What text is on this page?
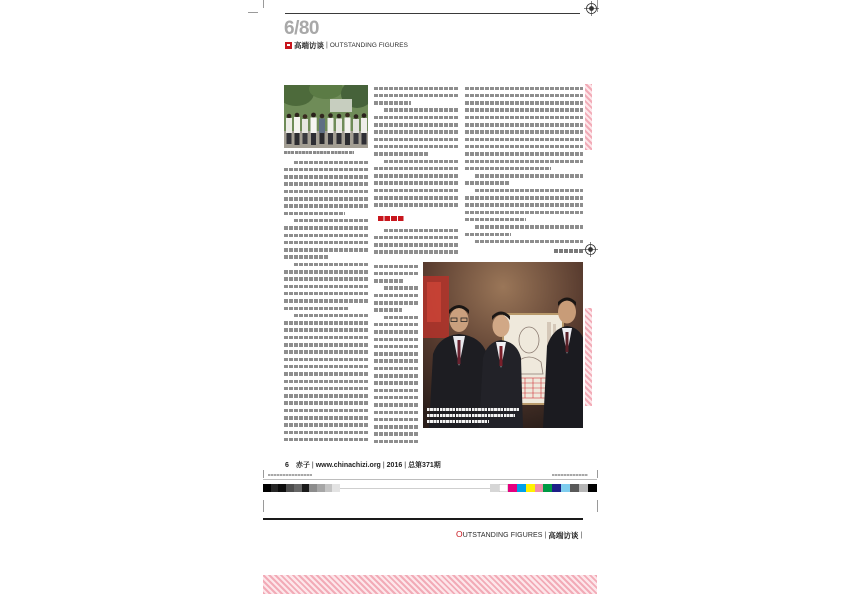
6/80
高端访谈 | OUTSTANDING FIGURES
6 赤子 | www.chinachizi.org | 2016 | 总第371期
OUTSTANDING FIGURES | 高端访谈 |
